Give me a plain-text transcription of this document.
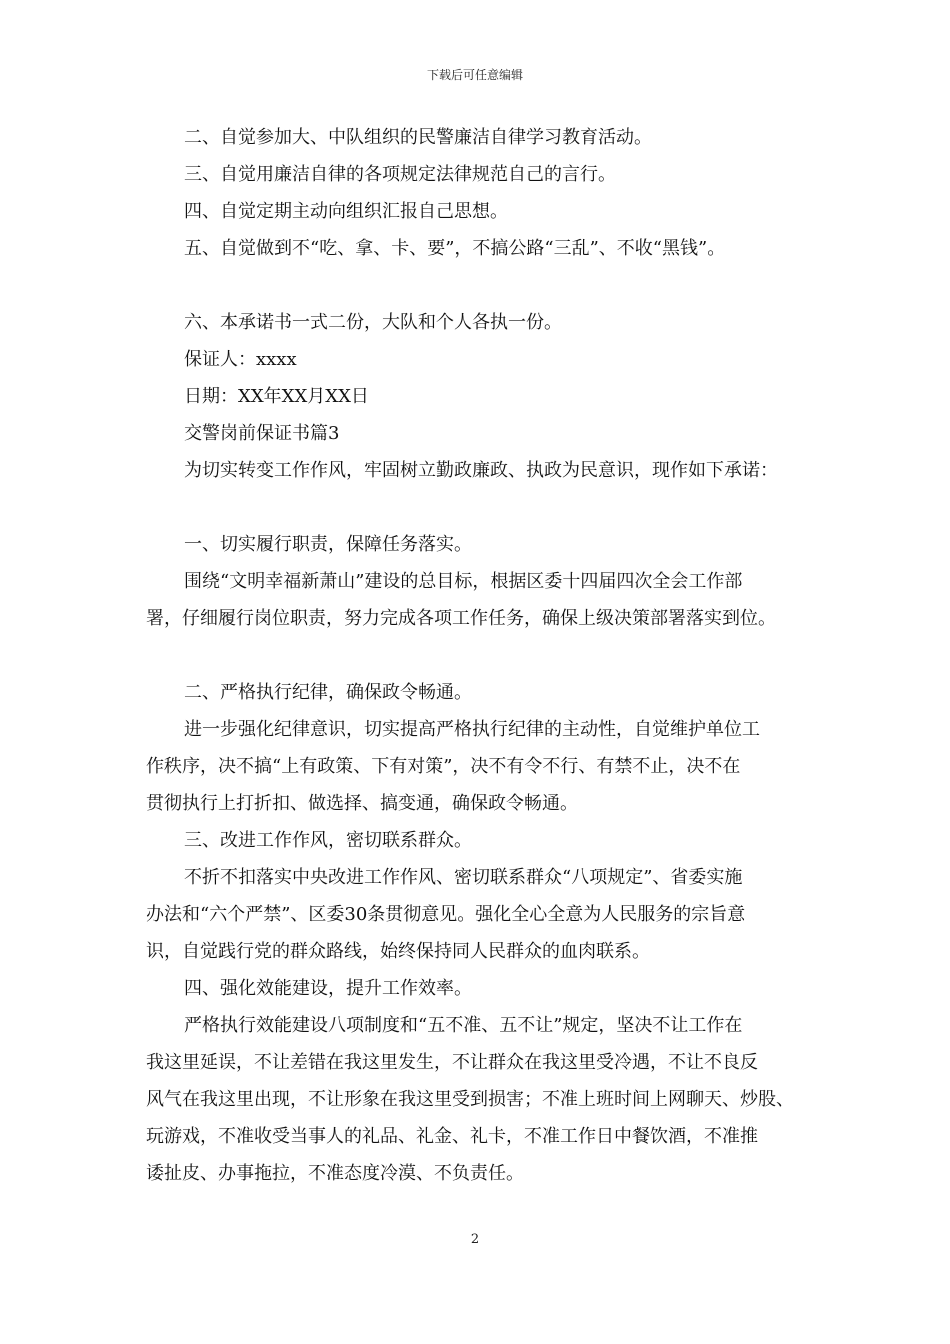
下载后可任意编辑
二、自觉参加大、中队组织的民警廉洁自律学习教育活动。
三、自觉用廉洁自律的各项规定法律规范自己的言行。
四、自觉定期主动向组织汇报自己思想。
五、自觉做到不“吃、拿、卡、要”，不搞公路“三乱”、不收“黑钱”。
六、本承诺书一式二份，大队和个人各执一份。
保证人：xxxx
日期：XX年XX月XX日
交警岗前保证书篇3
为切实转变工作作风，牢固树立勤政廉政、执政为民意识，现作如下承诺：
一、切实履行职责，保障任务落实。
围绕“文明幸福新萧山”建设的总目标，根据区委十四届四次全会工作部
署，仔细履行岗位职责，努力完成各项工作任务，确保上级决策部署落实到位。
二、严格执行纪律，确保政令畅通。
进一步强化纪律意识，切实提高严格执行纪律的主动性，自觉维护单位工
作秩序，决不搞“上有政策、下有对策”，决不有令不行、有禁不止，决不在
贯彻执行上打折扣、做选择、搞变通，确保政令畅通。
三、改进工作作风，密切联系群众。
不折不扣落实中央改进工作作风、密切联系群众“八项规定”、省委实施
办法和“六个严禁”、区委30条贯彻意见。强化全心全意为人民服务的宗旨意
识，自觉践行党的群众路线，始终保持同人民群众的血肉联系。
四、强化效能建设，提升工作效率。
严格执行效能建设八项制度和“五不准、五不让”规定，坚决不让工作在
我这里延误，不让差错在我这里发生，不让群众在我这里受冷遇，不让不良反
风气在我这里出现，不让形象在我这里受到损害；不准上班时间上网聊天、炒股、
玩游戏，不准收受当事人的礼品、礼金、礼卡，不准工作日中餐饮酒，不准推
诿扯皮、办事拖拉，不准态度冷漠、不负责任。
2
